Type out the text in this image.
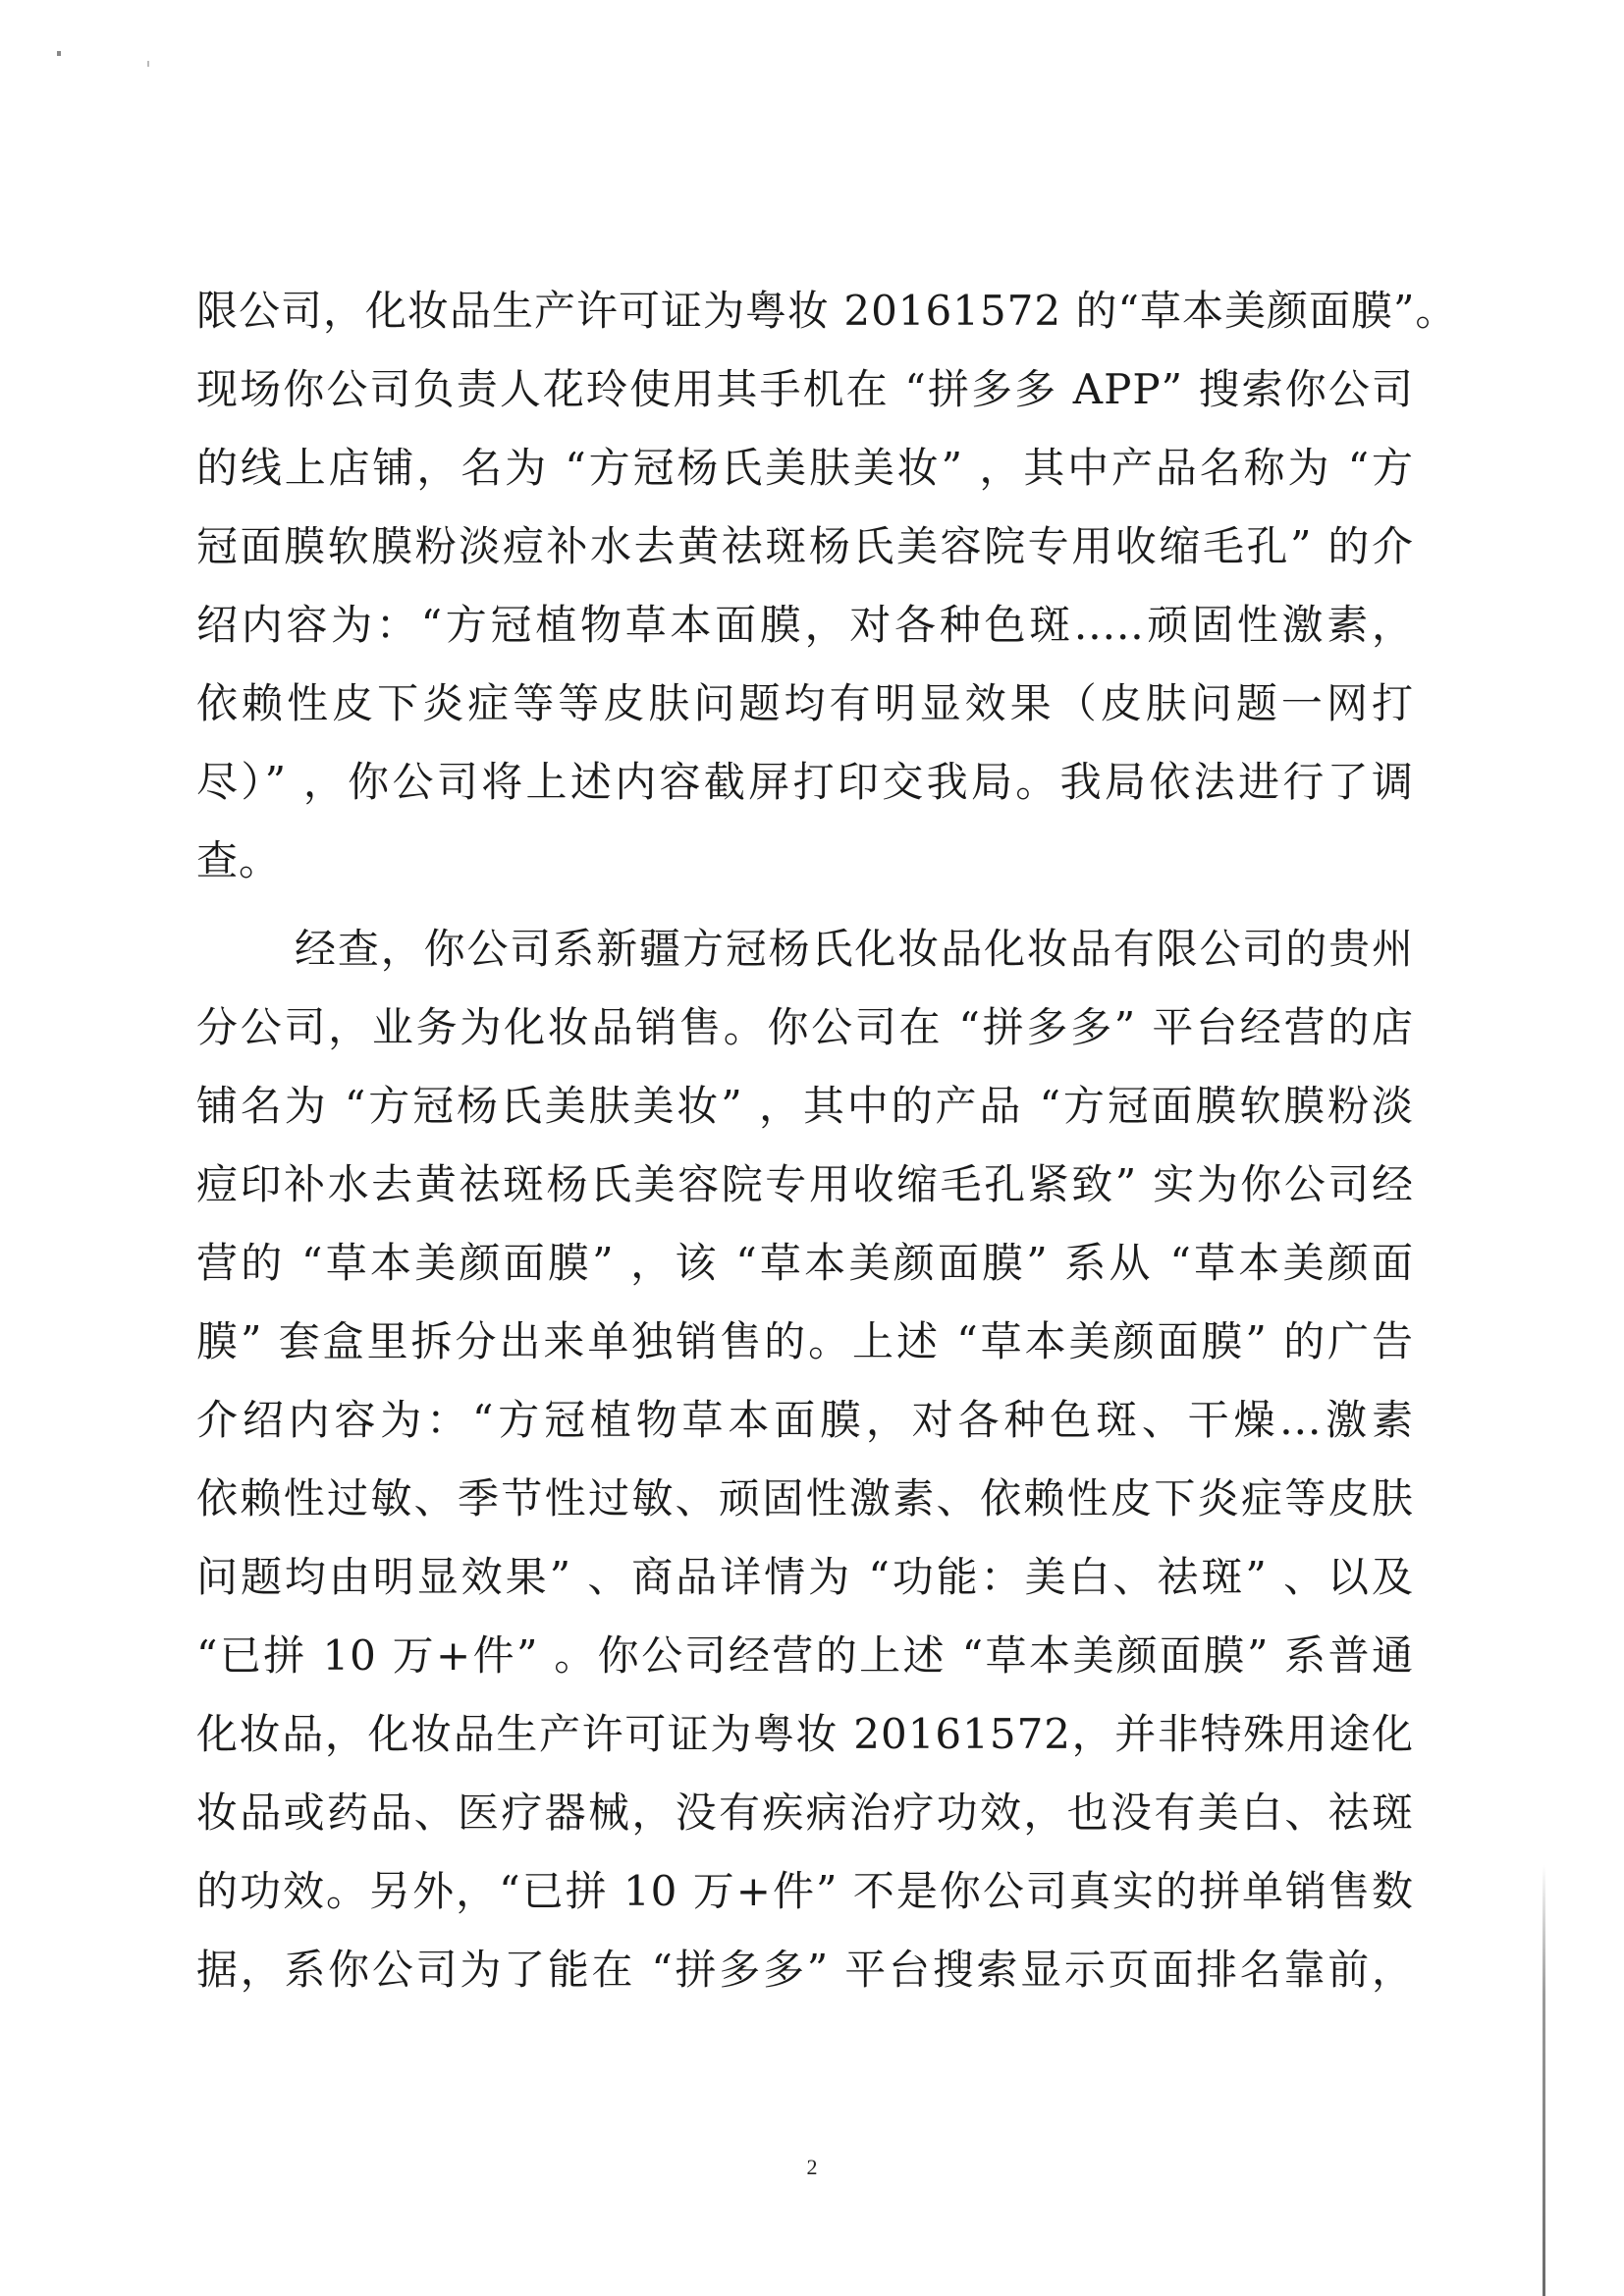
限公司，化妆品生产许可证为粤妆 20161572 的“草本美颜面膜”。
现场你公司负责人花玲使用其手机在 “拼多多 APP” 搜索你公司
的线上店铺，名为 “方冠杨氏美肤美妆” ，其中产品名称为 “方
冠面膜软膜粉淡痘补水去黄祛斑杨氏美容院专用收缩毛孔” 的介
绍内容为：“方冠植物草本面膜，对各种色斑.....顽固性激素，
依赖性皮下炎症等等皮肤问题均有明显效果（皮肤问题一网打
尽）” ，你公司将上述内容截屏打印交我局。我局依法进行了调
查。
经查，你公司系新疆方冠杨氏化妆品化妆品有限公司的贵州
分公司，业务为化妆品销售。你公司在 “拼多多” 平台经营的店
铺名为 “方冠杨氏美肤美妆” ，其中的产品 “方冠面膜软膜粉淡
痘印补水去黄祛斑杨氏美容院专用收缩毛孔紧致” 实为你公司经
营的 “草本美颜面膜” ，该 “草本美颜面膜” 系从 “草本美颜面
膜” 套盒里拆分出来单独销售的。上述 “草本美颜面膜” 的广告
介绍内容为：“方冠植物草本面膜，对各种色斑、干燥...激素
依赖性过敏、季节性过敏、顽固性激素、依赖性皮下炎症等皮肤
问题均由明显效果” 、商品详情为 “功能：美白、祛斑” 、以及
“已拼 10 万+件” 。你公司经营的上述 “草本美颜面膜” 系普通
化妆品，化妆品生产许可证为粤妆 20161572，并非特殊用途化
妆品或药品、医疗器械，没有疾病治疗功效，也没有美白、祛斑
的功效。另外，“已拼 10 万+件” 不是你公司真实的拼单销售数
据，系你公司为了能在 “拼多多” 平台搜索显示页面排名靠前，
2
